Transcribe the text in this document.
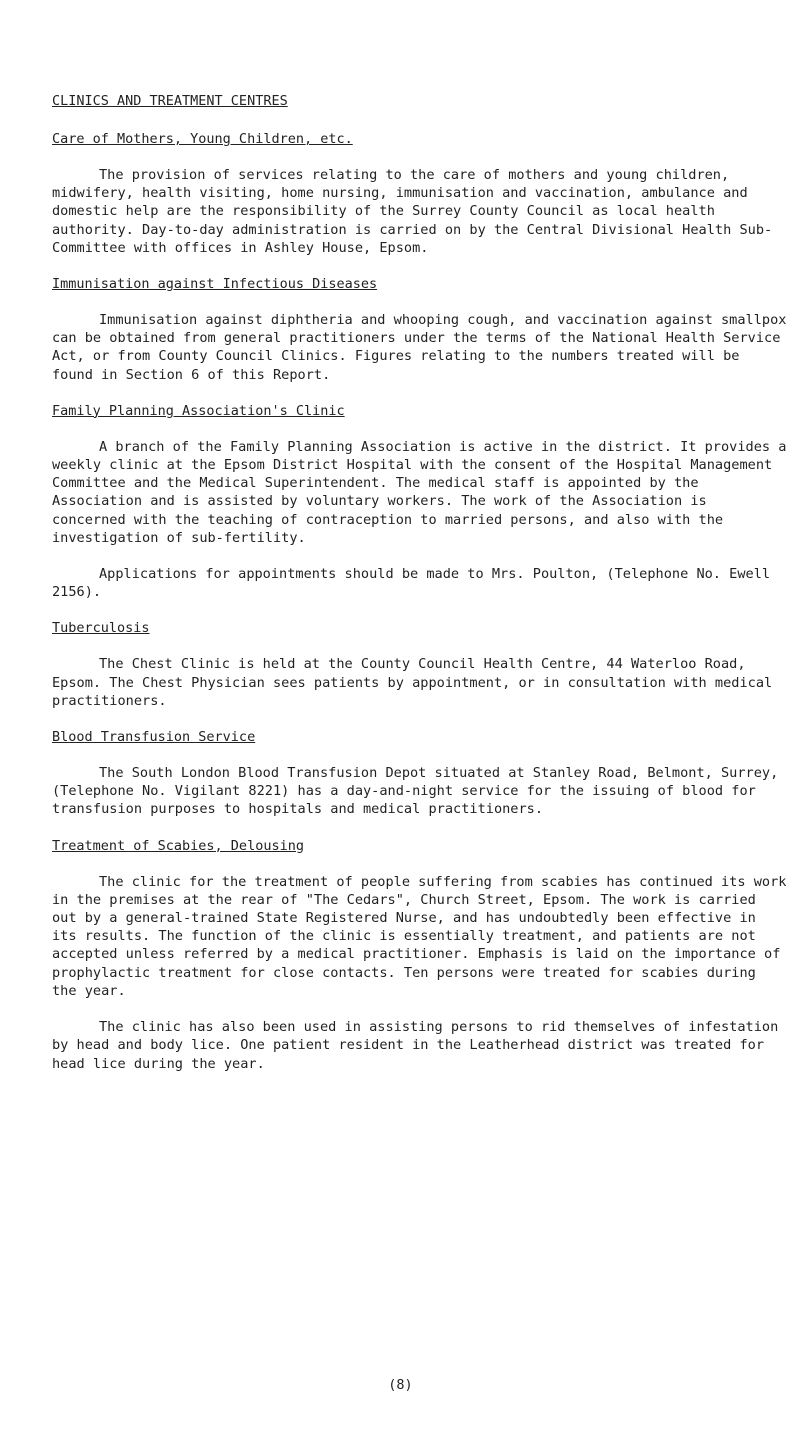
CLINICS AND TREATMENT CENTRES
Care of Mothers, Young Children, etc.

The provision of services relating to the care of mothers and young children, midwifery, health visiting, home nursing, immunisation and vaccination, ambulance and domestic help are the responsibility of the Surrey County Council as local health authority. Day-to-day administration is carried on by the Central Divisional Health Sub-Committee with offices in Ashley House, Epsom.

Immunisation against Infectious Diseases

Immunisation against diphtheria and whooping cough, and vaccination against smallpox can be obtained from general practitioners under the terms of the National Health Service Act, or from County Council Clinics. Figures relating to the numbers treated will be found in Section 6 of this Report.

Family Planning Association's Clinic

A branch of the Family Planning Association is active in the district. It provides a weekly clinic at the Epsom District Hospital with the consent of the Hospital Management Committee and the Medical Superintendent. The medical staff is appointed by the Association and is assisted by voluntary workers. The work of the Association is concerned with the teaching of contraception to married persons, and also with the investigation of sub-fertility.

Applications for appointments should be made to Mrs. Poulton, (Telephone No. Ewell 2156).

Tuberculosis

The Chest Clinic is held at the County Council Health Centre, 44 Waterloo Road, Epsom. The Chest Physician sees patients by appointment, or in consultation with medical practitioners.

Blood Transfusion Service

The South London Blood Transfusion Depot situated at Stanley Road, Belmont, Surrey, (Telephone No. Vigilant 8221) has a day-and-night service for the issuing of blood for transfusion purposes to hospitals and medical practitioners.

Treatment of Scabies, Delousing

The clinic for the treatment of people suffering from scabies has continued its work in the premises at the rear of "The Cedars", Church Street, Epsom. The work is carried out by a general-trained State Registered Nurse, and has undoubtedly been effective in its results. The function of the clinic is essentially treatment, and patients are not accepted unless referred by a medical practitioner. Emphasis is laid on the importance of prophylactic treatment for close contacts. Ten persons were treated for scabies during the year.

The clinic has also been used in assisting persons to rid themselves of infestation by head and body lice. One patient resident in the Leatherhead district was treated for head lice during the year.

(8)
